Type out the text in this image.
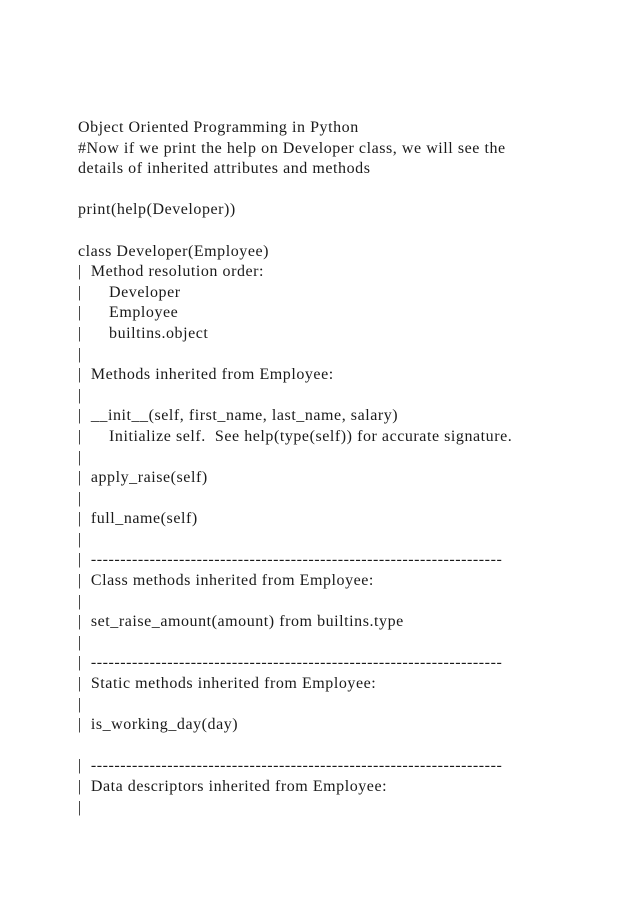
Object Oriented Programming in Python
#Now if we print the help on Developer class, we will see the
details of inherited attributes and methods
print(help(Developer))
class Developer(Employee)
|  Method resolution order:
|      Developer
|      Employee
|      builtins.object
|
|  Methods inherited from Employee:
|
|  __init__(self, first_name, last_name, salary)
|      Initialize self.  See help(type(self)) for accurate signature.
|
|  apply_raise(self)
|
|  full_name(self)
|
|  ----------------------------------------------------------------------
|  Class methods inherited from Employee:
|
|  set_raise_amount(amount) from builtins.type
|
|  ----------------------------------------------------------------------
|  Static methods inherited from Employee:
|
|  is_working_day(day)
|  ----------------------------------------------------------------------
|  Data descriptors inherited from Employee:
|
